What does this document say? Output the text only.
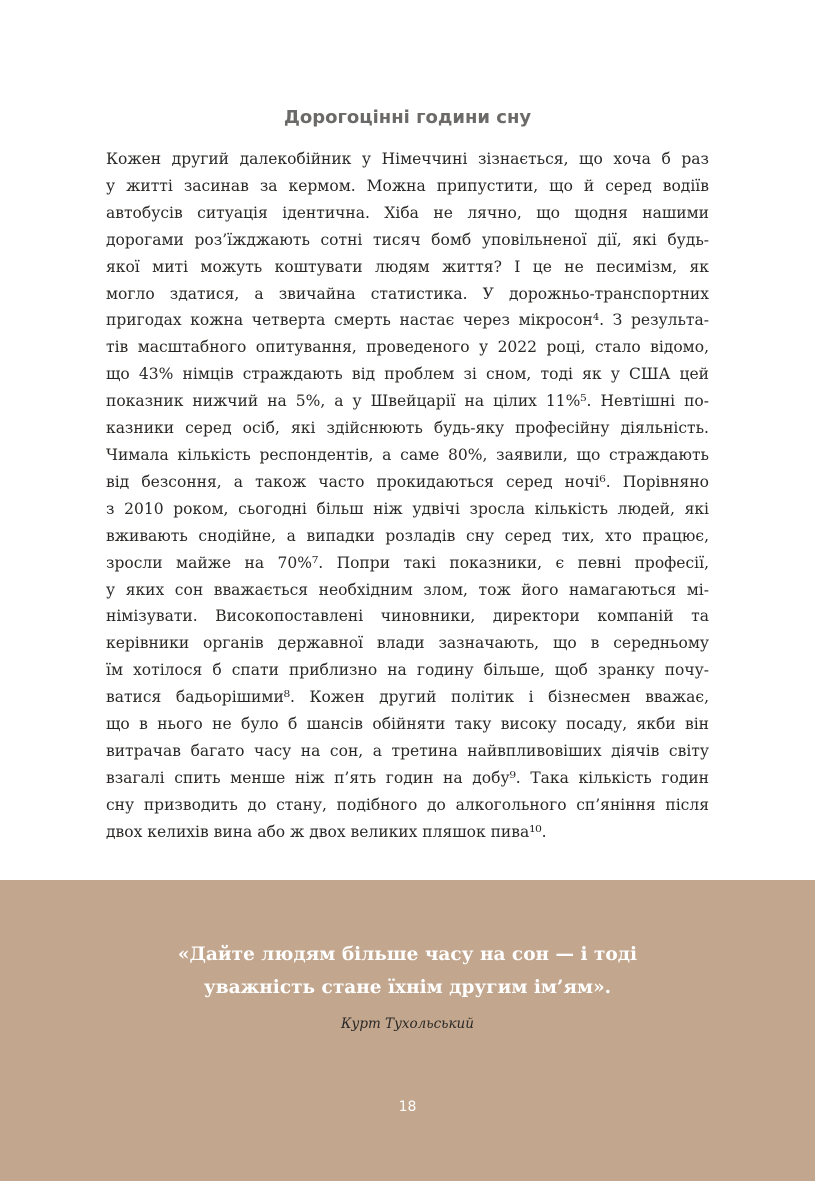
Дорогоцінні години сну
Кожен другий далекобійник у Німеччині зізнається, що хоча б раз
у житті засинав за кермом. Можна припустити, що й серед водіїв
автобусів ситуація ідентична. Хіба не лячно, що щодня нашими
дорогами роз’їжджають сотні тисяч бомб уповільненої дії, які будь-
якої миті можуть коштувати людям життя? І це не песимізм, як
могло здатися, а звичайна статистика. У дорожньо-транспортних
пригодах кожна четверта смерть настає через мікросон⁴. З результа-
тів масштабного опитування, проведеного у 2022 році, стало відомо,
що 43% німців страждають від проблем зі сном, тоді як у США цей
показник нижчий на 5%, а у Швейцарії на цілих 11%⁵. Невтішні по-
казники серед осіб, які здійснюють будь-яку професійну діяльність.
Чимала кількість респондентів, а саме 80%, заявили, що страждають
від безсоння, а також часто прокидаються серед ночі⁶. Порівняно
з 2010 роком, сьогодні більш ніж удвічі зросла кількість людей, які
вживають снодійне, а випадки розладів сну серед тих, хто працює,
зросли майже на 70%⁷. Попри такі показники, є певні професії,
у яких сон вважається необхідним злом, тож його намагаються мі-
німізувати. Високопоставлені чиновники, директори компаній та
керівники органів державної влади зазначають, що в середньому
їм хотілося б спати приблизно на годину більше, щоб зранку почу-
ватися бадьорішими⁸. Кожен другий політик і бізнесмен вважає,
що в нього не було б шансів обійняти таку високу посаду, якби він
витрачав багато часу на сон, а третина найвпливовіших діячів світу
взагалі спить менше ніж п’ять годин на добу⁹. Така кількість годин
сну призводить до стану, подібного до алкогольного сп’яніння після
двох келихів вина або ж двох великих пляшок пива¹⁰.

«Дайте людям більше часу на сон — і тоді
уважність стане їхнім другим ім’ям».

Курт Тухольський

18
